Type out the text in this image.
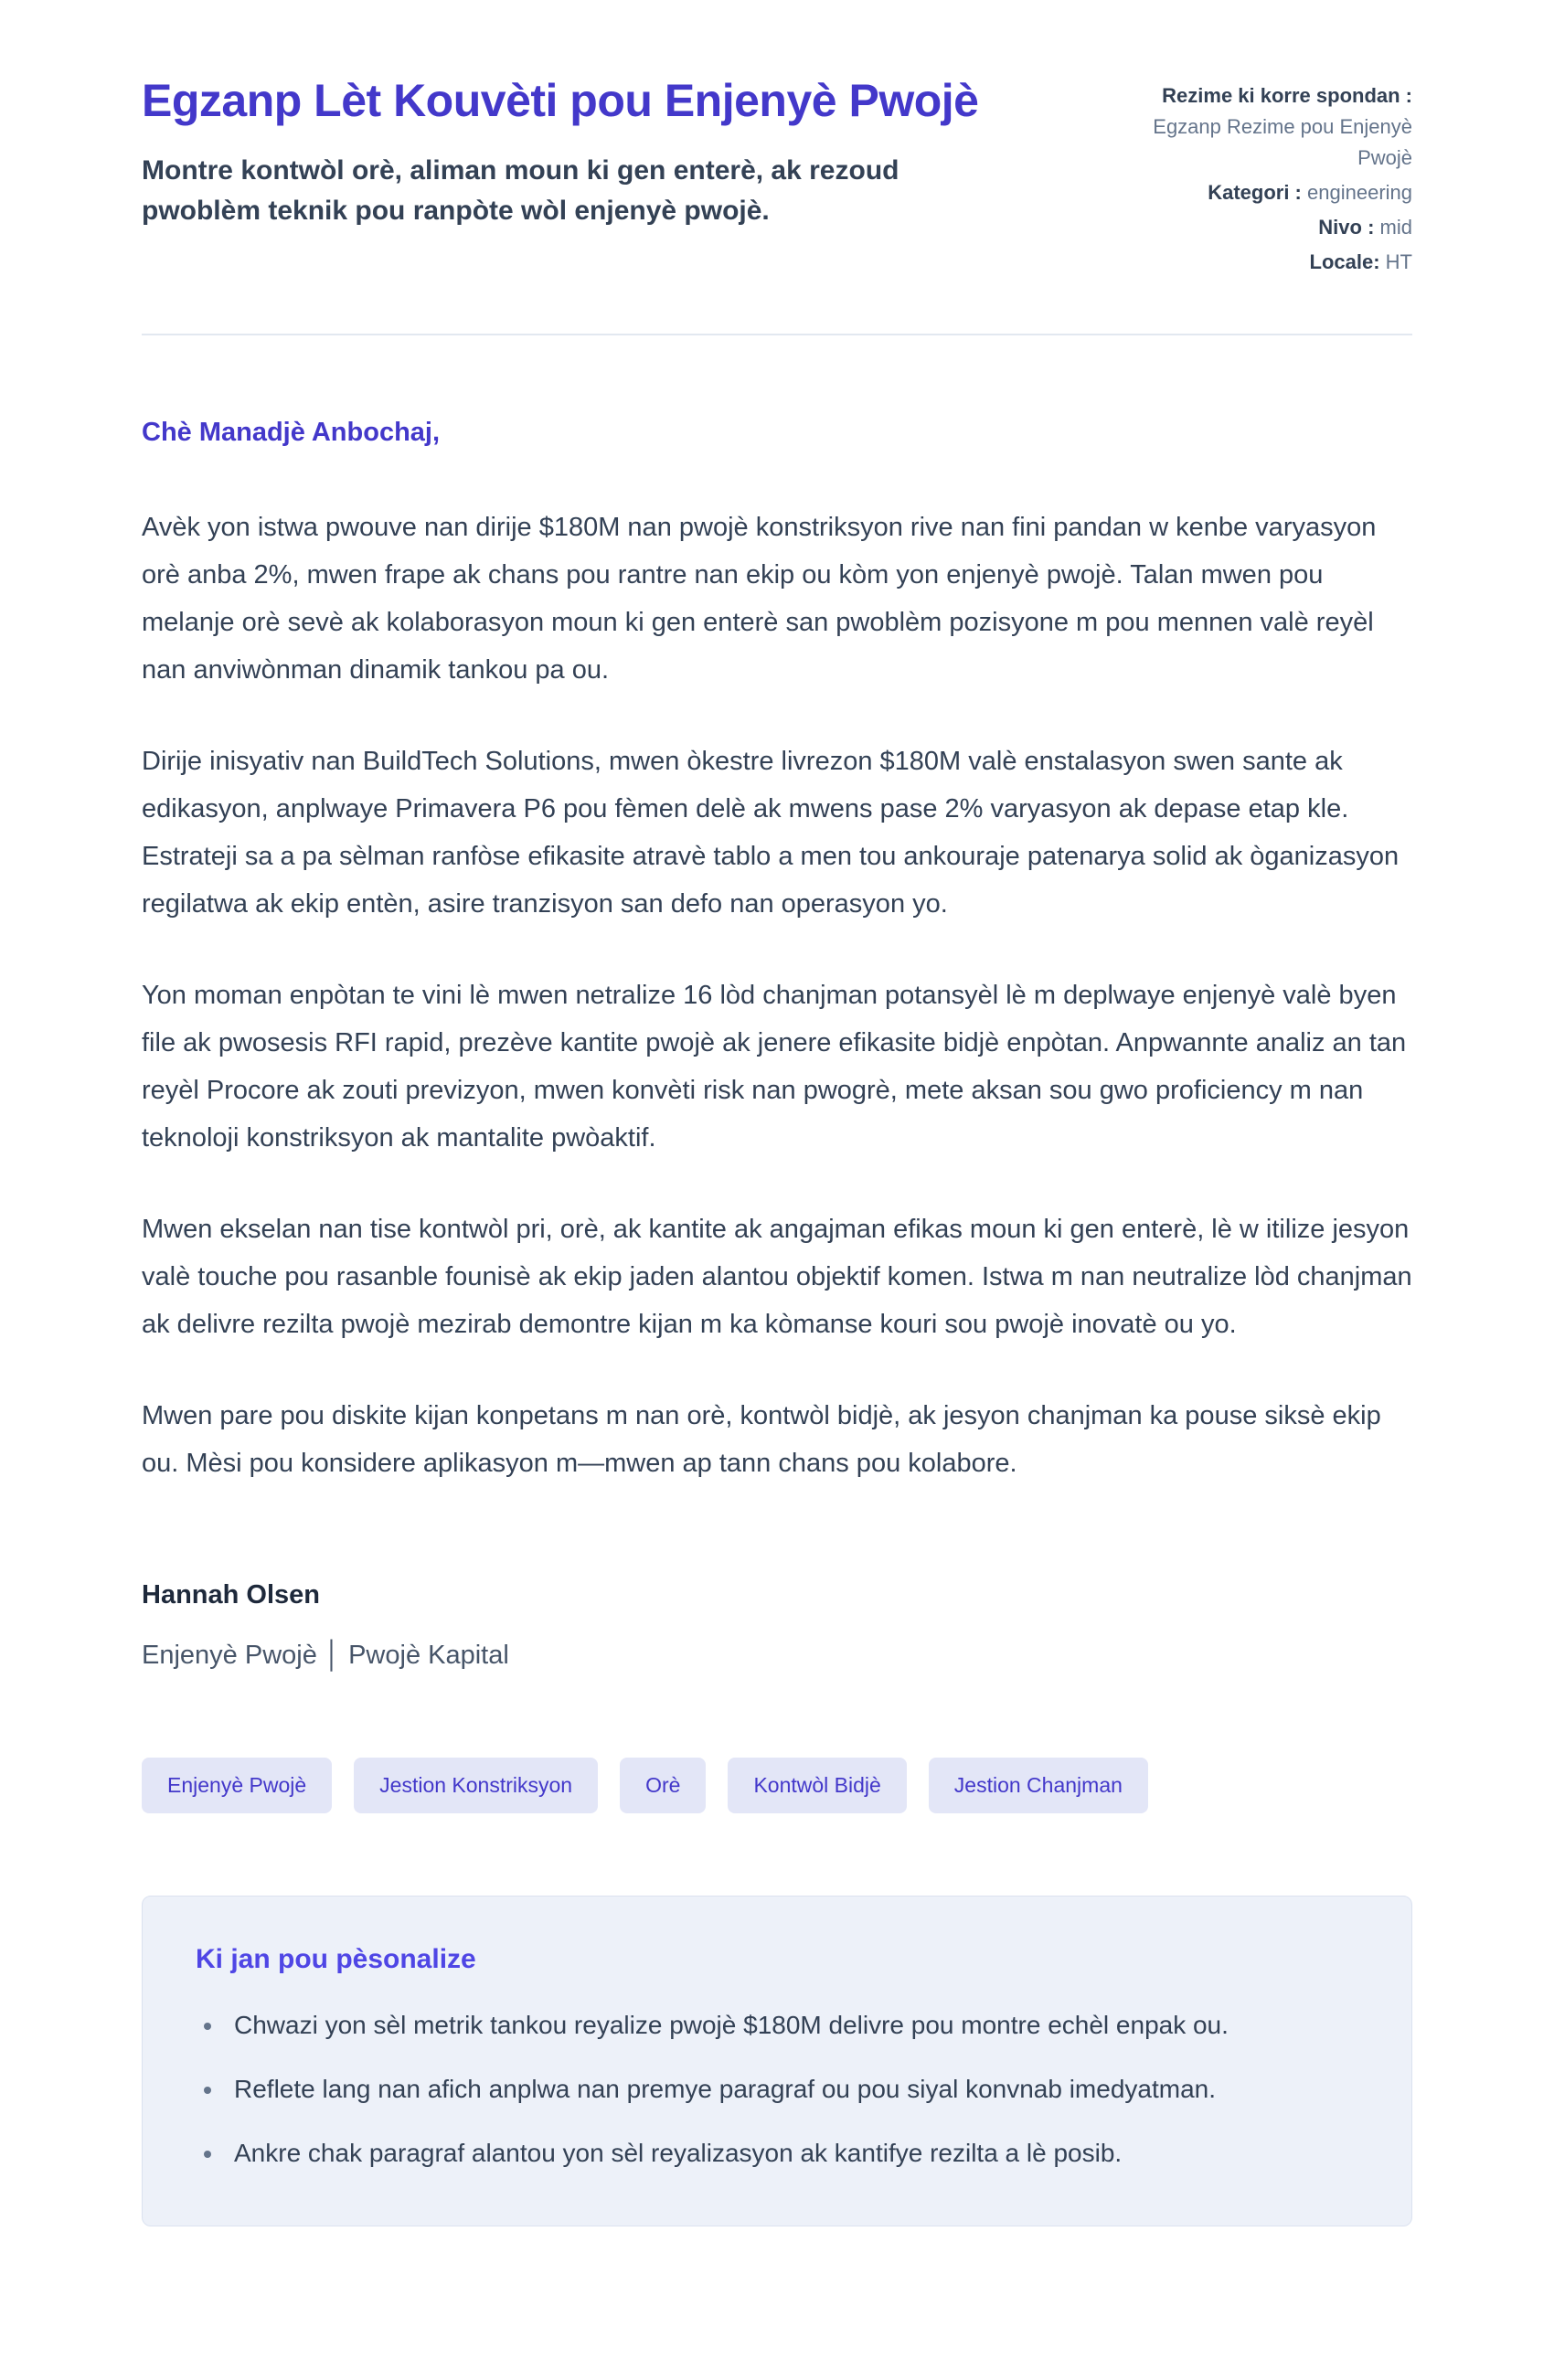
Egzanp Lèt Kouvèti pou Enjenyè Pwojè

Montre kontwòl orè, aliman moun ki gen enterè, ak rezoud pwoblèm teknik pou ranpòte wòl enjenyè pwojè.

Rezime ki korre spondan :
Egzanp Rezime pou Enjenyè Pwojè
Kategori : engineering
Nivo : mid
Locale: HT

Chè Manadjè Anbochaj,

Avèk yon istwa pwouve nan dirije $180M nan pwojè konstriksyon rive nan fini pandan w kenbe varyasyon orè anba 2%, mwen frape ak chans pou rantre nan ekip ou kòm yon enjenyè pwojè. Talan mwen pou melanje orè sevè ak kolaborasyon moun ki gen enterè san pwoblèm pozisyone m pou mennen valè reyèl nan anviwònman dinamik tankou pa ou.

Dirije inisyativ nan BuildTech Solutions, mwen òkestre livrezon $180M valè enstalasyon swen sante ak edikasyon, anplwaye Primavera P6 pou fèmen delè ak mwens pase 2% varyasyon ak depase etap kle. Estrateji sa a pa sèlman ranfòse efikasite atravè tablo a men tou ankouraje patenarya solid ak òganizasyon regilatwa ak ekip entèn, asire tranzisyon san defo nan operasyon yo.

Yon moman enpòtan te vini lè mwen netralize 16 lòd chanjman potansyèl lè m deplwaye enjenyè valè byen file ak pwosesis RFI rapid, prezève kantite pwojè ak jenere efikasite bidjè enpòtan. Anpwannte analiz an tan reyèl Procore ak zouti previzyon, mwen konvèti risk nan pwogrè, mete aksan sou gwo proficiency m nan teknoloji konstriksyon ak mantalite pwòaktif.

Mwen ekselan nan tise kontwòl pri, orè, ak kantite ak angajman efikas moun ki gen enterè, lè w itilize jesyon valè touche pou rasanble founisè ak ekip jaden alantou objektif komen. Istwa m nan neutralize lòd chanjman ak delivre rezilta pwojè mezirab demontre kijan m ka kòmanse kouri sou pwojè inovatè ou yo.

Mwen pare pou diskite kijan konpetans m nan orè, kontwòl bidjè, ak jesyon chanjman ka pouse siksè ekip ou. Mèsi pou konsidere aplikasyon m—mwen ap tann chans pou kolabore.

Hannah Olsen

Enjenyè Pwojè │ Pwojè Kapital

Enjenyè Pwojè	Jestion Konstriksyon	Orè	Kontwòl Bidjè	Jestion Chanjman
Ki jan pou pèsonalize
• Chwazi yon sèl metrik tankou reyalize pwojè $180M delivre pou montre echèl enpak ou.
• Reflete lang nan afich anplwa nan premye paragraf ou pou siyal konvnab imedyatman.
• Ankre chak paragraf alantou yon sèl reyalizasyon ak kantifye rezilta a lè posib.
